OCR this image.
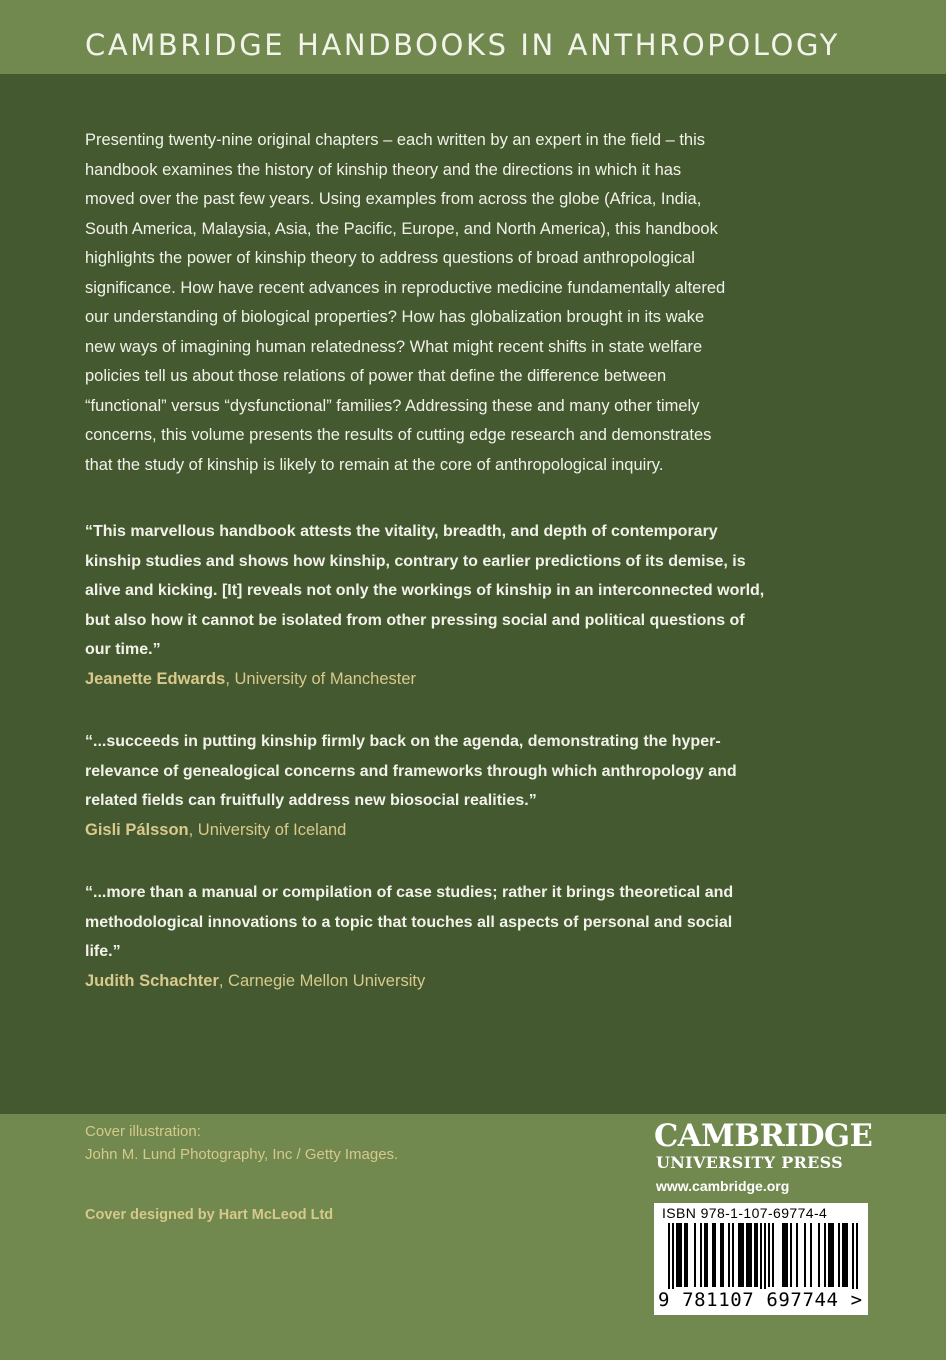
CAMBRIDGE HANDBOOKS IN ANTHROPOLOGY

Presenting twenty-nine original chapters – each written by an expert in the field – this

handbook examines the history of kinship theory and the directions in which it has

moved over the past few years. Using examples from across the globe (Africa, India,

South America, Malaysia, Asia, the Pacific, Europe, and North America), this handbook

highlights the power of kinship theory to address questions of broad anthropological

significance. How have recent advances in reproductive medicine fundamentally altered

our understanding of biological properties? How has globalization brought in its wake

new ways of imagining human relatedness? What might recent shifts in state welfare

policies tell us about those relations of power that define the difference between

“functional” versus “dysfunctional” families? Addressing these and many other timely

concerns, this volume presents the results of cutting edge research and demonstrates

that the study of kinship is likely to remain at the core of anthropological inquiry.

“This marvellous handbook attests the vitality, breadth, and depth of contemporary

kinship studies and shows how kinship, contrary to earlier predictions of its demise, is

alive and kicking. [It] reveals not only the workings of kinship in an interconnected world,

but also how it cannot be isolated from other pressing social and political questions of

our time.”

Jeanette Edwards, University of Manchester

“...succeeds in putting kinship firmly back on the agenda, demonstrating the hyper-

relevance of genealogical concerns and frameworks through which anthropology and

related fields can fruitfully address new biosocial realities.”

Gisli Pálsson, University of Iceland

“...more than a manual or compilation of case studies; rather it brings theoretical and

methodological innovations to a topic that touches all aspects of personal and social

life.”

Judith Schachter, Carnegie Mellon University

Cover illustration:
John M. Lund Photography, Inc / Getty Images.
Cover designed by Hart McLeod Ltd
CAMBRIDGE
UNIVERSITY PRESS
www.cambridge.org
ISBN 978-1-107-69774-4
9 781107 697744 >
